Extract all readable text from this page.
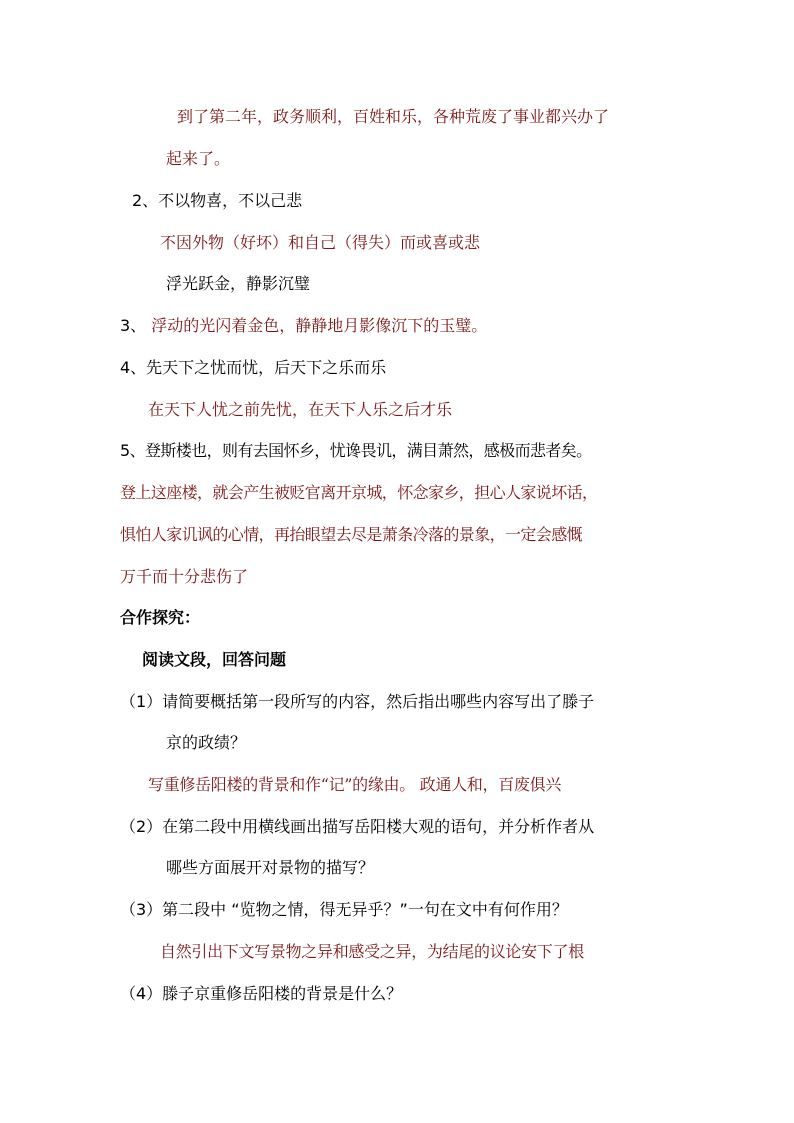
到了第二年，政务顺利，百姓和乐，各种荒废了事业都兴办了
起来了。
2、不以物喜，不以己悲
不因外物（好坏）和自己（得失）而或喜或悲
浮光跃金，静影沉璧
3、 浮动的光闪着金色，静静地月影像沉下的玉璧。
4、先天下之忧而忧，后天下之乐而乐
在天下人忧之前先忧，在天下人乐之后才乐
5、登斯楼也，则有去国怀乡，忧谗畏讥，满目萧然，感极而悲者矣。
登上这座楼，就会产生被贬官离开京城，怀念家乡，担心人家说坏话，
惧怕人家讥讽的心情，再抬眼望去尽是萧条冷落的景象，一定会感慨
万千而十分悲伤了
合作探究：
阅读文段，回答问题
（1）请简要概括第一段所写的内容，然后指出哪些内容写出了滕子
京的政绩？
写重修岳阳楼的背景和作“记”的缘由。 政通人和，百废俱兴
（2）在第二段中用横线画出描写岳阳楼大观的语句，并分析作者从
哪些方面展开对景物的描写？
（3）第二段中 “览物之情，得无异乎？”一句在文中有何作用？
自然引出下文写景物之异和感受之异，为结尾的议论安下了根
（4）滕子京重修岳阳楼的背景是什么？
